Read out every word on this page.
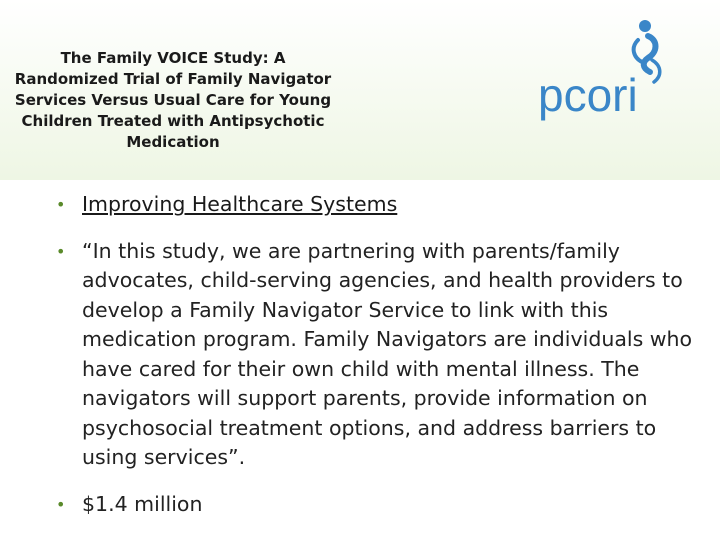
The Family VOICE Study: A Randomized Trial of Family Navigator Services Versus Usual Care for Young Children Treated with Antipsychotic Medication
pcori
• Improving Healthcare Systems
• “In this study, we are partnering with parents/family advocates, child-serving agencies, and health providers to develop a Family Navigator Service to link with this medication program. Family Navigators are individuals who have cared for their own child with mental illness. The navigators will support parents, provide information on psychosocial treatment options, and address barriers to using services”.
• $1.4 million
